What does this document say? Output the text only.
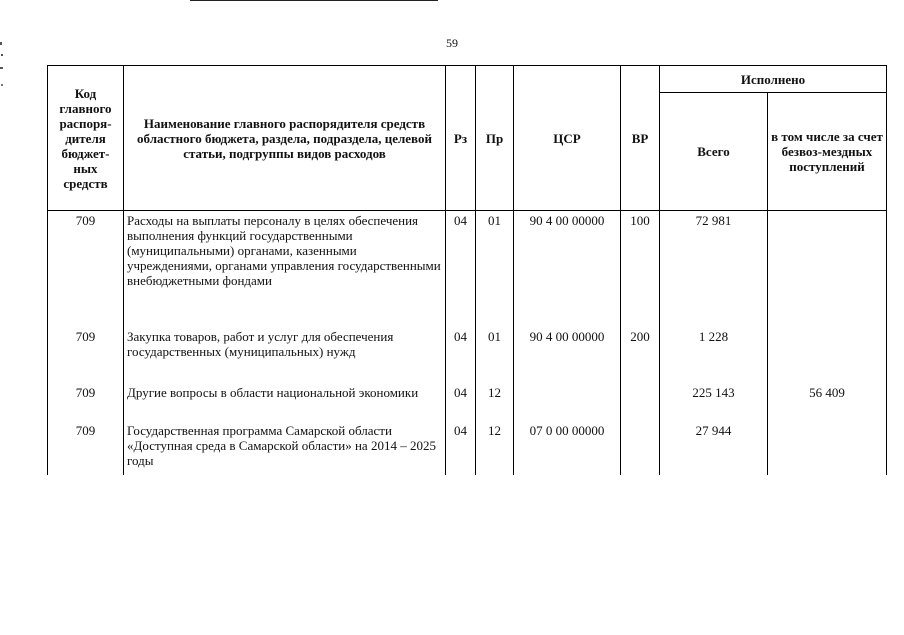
59
Код главного распоря-дителя бюджет-ных средств	Наименование главного распорядителя средств областного бюджета, раздела, подраздела, целевой статьи, подгруппы видов расходов	Рз	Пр	ЦСР	ВР	Исполнено	
						Всего	в том числе за счет безвоз-мездных поступлений
709	Расходы на выплаты персоналу в целях обеспечения выполнения функций государственными (муниципальными) органами, казенными учреждениями, органами управления государственными внебюджетными фондами	04	01	90 4 00 00000	100	72 981	
709	Закупка товаров, работ и услуг для обеспечения государственных (муниципальных) нужд	04	01	90 4 00 00000	200	1 228	
709	Другие вопросы в области национальной экономики	04	12			225 143	56 409
709	Государственная программа Самарской области «Доступная среда в Самарской области» на 2014 – 2025 годы	04	12	07 0 00 00000		27 944	
